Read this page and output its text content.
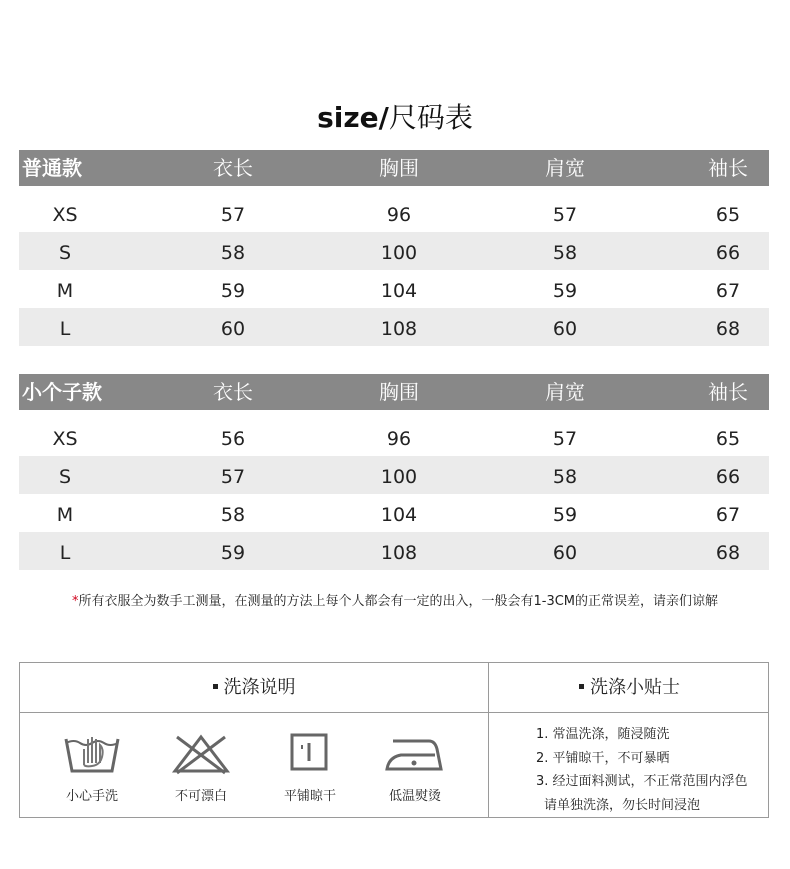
size/尺码表
普通款	衣长	胸围	肩宽	袖长
XS	57	96	57	65
S	58	100	58	66
M	59	104	59	67
L	60	108	60	68
小个子款	衣长	胸围	肩宽	袖长
XS	56	96	57	65
S	57	100	58	66
M	58	104	59	67
L	59	108	60	68
*所有衣服全为数手工测量，在测量的方法上每个人都会有一定的出入，一般会有1-3CM的正常误差，请亲们谅解
洗涤说明	洗涤小贴士
小心手洗	不可漂白	平铺晾干	低温熨烫
1. 常温洗涤，随浸随洗
2. 平铺晾干，不可暴晒
3. 经过面料测试，不正常范围内浮色
请单独洗涤，勿长时间浸泡
